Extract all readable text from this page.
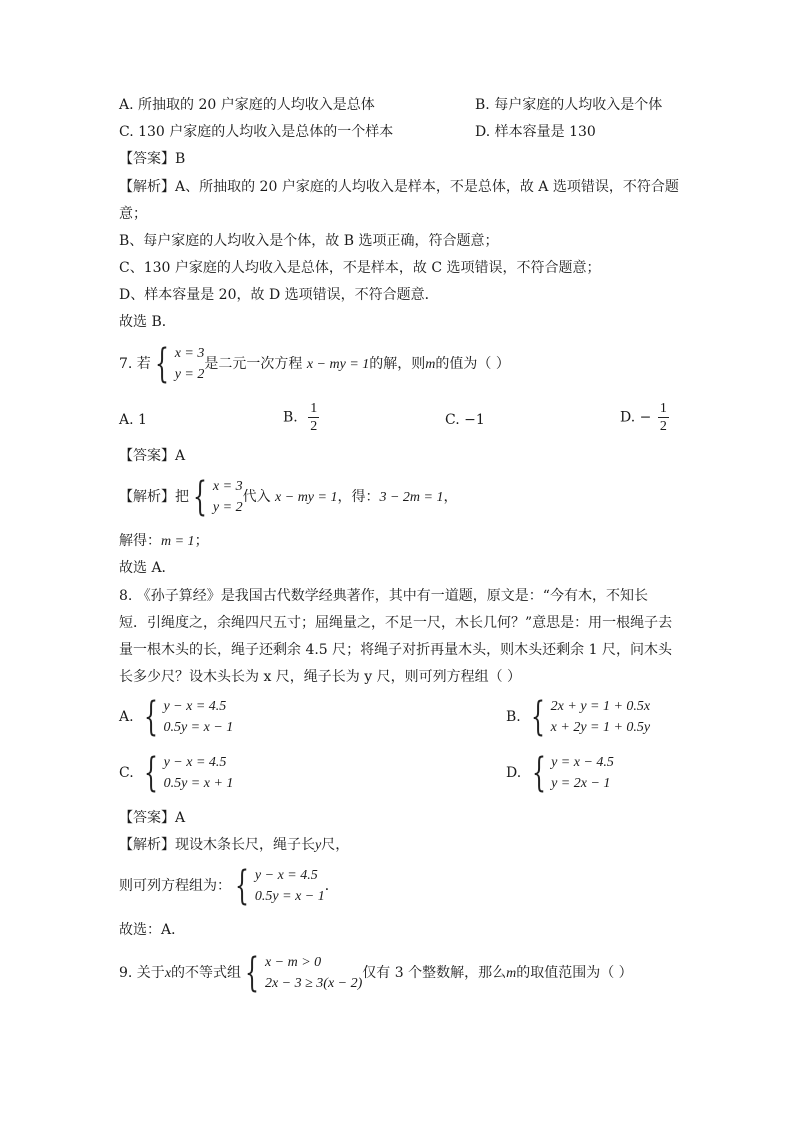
A. 所抽取的 20 户家庭的人均收入是总体	B. 每户家庭的人均收入是个体
C. 130 户家庭的人均收入是总体的一个样本	D. 样本容量是 130
【答案】B
【解析】A、所抽取的 20 户家庭的人均收入是样本，不是总体，故 A 选项错误，不符合题
意；
B、每户家庭的人均收入是个体，故 B 选项正确，符合题意；
C、130 户家庭的人均收入是总体，不是样本，故 C 选项错误，不符合题意；
D、样本容量是 20，故 D 选项错误，不符合题意．
故选 B．
7. 若 { x = 3
y = 2
是二元一次方程 x − my = 1的解，则m的值为（ ）
A. 1	B. $\frac{1}{2}$	C. −1	D. − $\frac{1}{2}$
【答案】A
【解析】把 { x = 3
y = 2
代入 x − my = 1，得：3 − 2m = 1，
解得：m = 1；
故选 A．
8. 《孙子算经》是我国古代数学经典著作，其中有一道题，原文是：“今有木，不知长
短．引绳度之，余绳四尺五寸；屈绳量之，不足一尺，木长几何？”意思是：用一根绳子去
量一根木头的长，绳子还剩余 4.5 尺；将绳子对折再量木头，则木头还剩余 1 尺，问木头
长多少尺？设木头长为 x 尺，绳子长为 y 尺，则可列方程组（ ）
A. { y − x = 4.5
0.5y = x − 1
B. { 2x + y = 1 + 0.5x
x + 2y = 1 + 0.5y
C. { y − x = 4.5
0.5y = x + 1
D. { y = x − 4.5
y = 2x − 1
【答案】A
【解析】现设木条长尺，绳子长y尺，
则可列方程组为： { y − x = 4.5
0.5y = x − 1
．
故选：A．
9. 关于x的不等式组 { x − m > 0
2x − 3 ≥ 3(x − 2)
仅有 3 个整数解，那么m的取值范围为（ ）
